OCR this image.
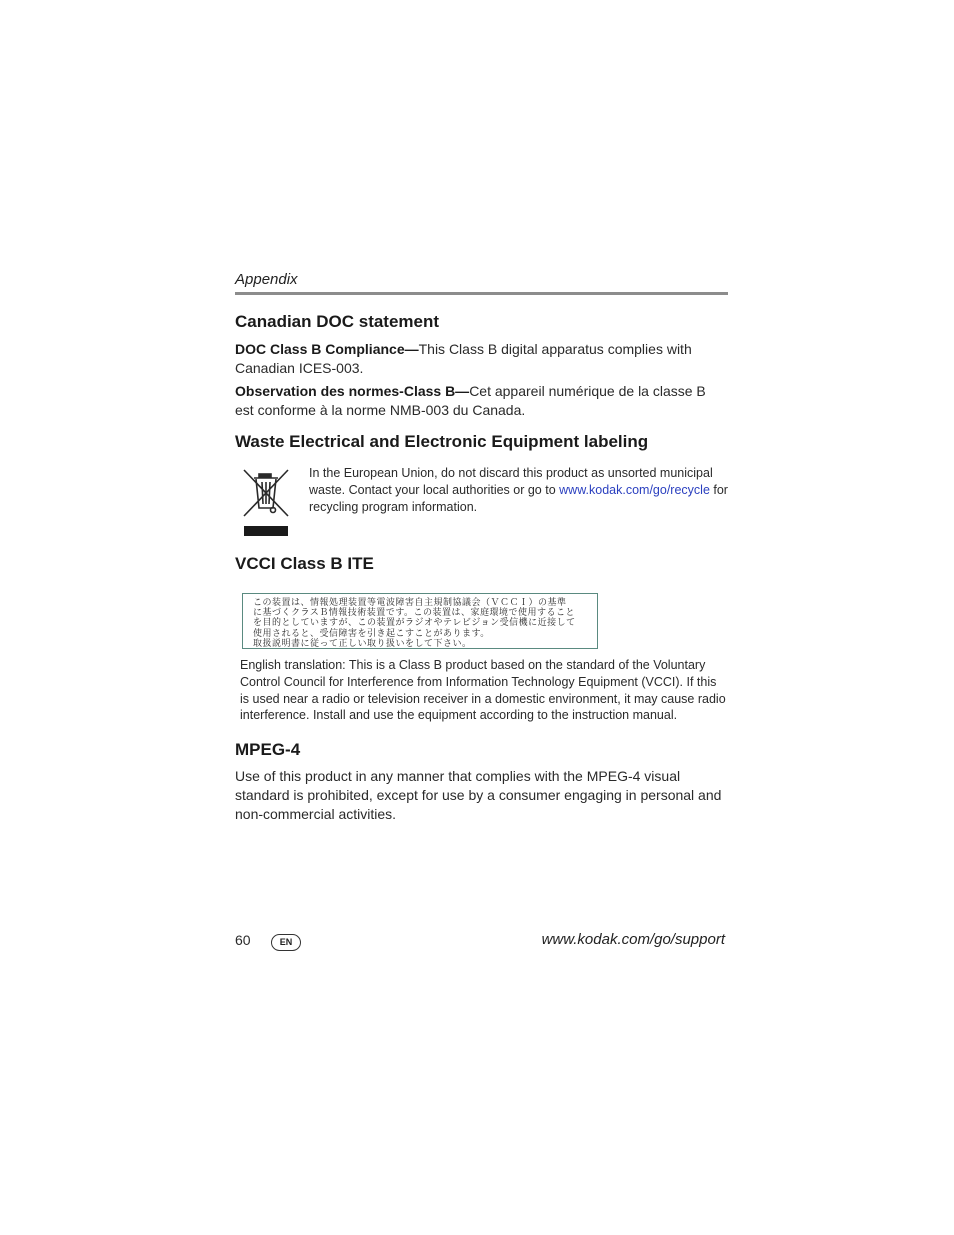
Appendix
Canadian DOC statement

DOC Class B Compliance—This Class B digital apparatus complies with Canadian ICES-003.

Observation des normes-Class B—Cet appareil numérique de la classe B est conforme à la norme NMB-003 du Canada.

Waste Electrical and Electronic Equipment labeling
In the European Union, do not discard this product as unsorted municipal waste. Contact your local authorities or go to www.kodak.com/go/recycle for recycling program information.
VCCI Class B ITE
この装置は、情報処理装置等電波障害自主規制協議会（ＶＣＣＩ）の基準
に基づくクラスＢ情報技術装置です。この装置は、家庭環境で使用すること
を目的としていますが、この装置がラジオやテレビジョン受信機に近接して
使用されると、受信障害を引き起こすことがあります。
取扱説明書に従って正しい取り扱いをして下さい。
English translation: This is a Class B product based on the standard of the Voluntary Control Council for Interference from Information Technology Equipment (VCCI). If this is used near a radio or television receiver in a domestic environment, it may cause radio interference. Install and use the equipment according to the instruction manual.
MPEG-4

Use of this product in any manner that complies with the MPEG-4 visual standard is prohibited, except for use by a consumer engaging in personal and non-commercial activities.

60	EN	www.kodak.com/go/support
